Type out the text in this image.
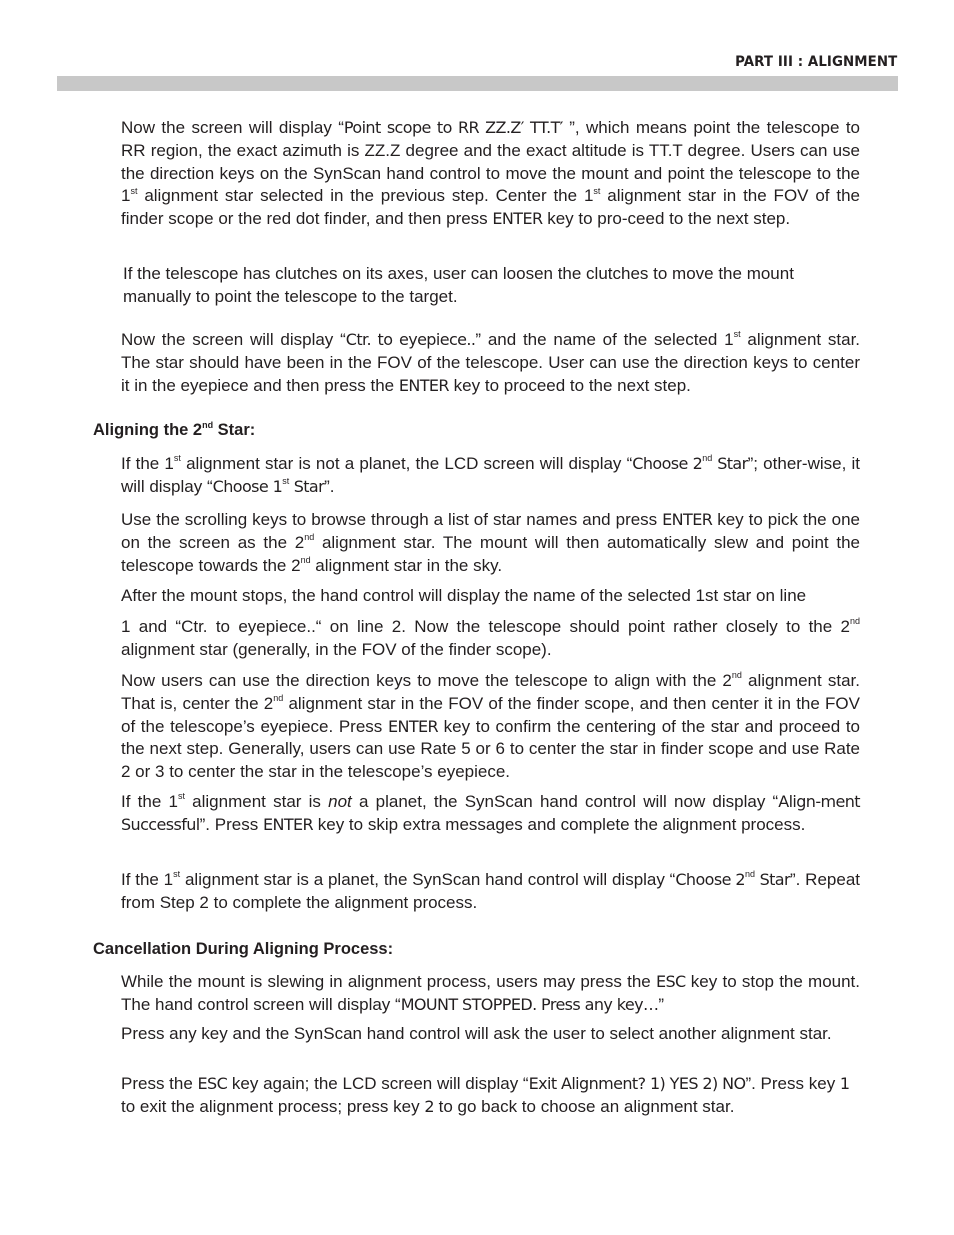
PART III : ALIGNMENT

Now the screen will display “Point scope to RR ZZ.Z′ TT.T′ ”, which means point the telescope to RR region, the exact azimuth is ZZ.Z degree and the exact altitude is TT.T degree. Users can use the direction keys on the SynScan hand control to move the mount and point the telescope to the 1st alignment star selected in the previous step. Center the 1st alignment star in the FOV of the finder scope or the red dot finder, and then press ENTER key to pro-ceed to the next step.

If the telescope has clutches on its axes, user can loosen the clutches to move the mount manually to point the telescope to the target.

Now the screen will display “Ctr. to eyepiece..” and the name of the selected 1st alignment star. The star should have been in the FOV of the telescope. User can use the direction keys to center it in the eyepiece and then press the ENTER key to proceed to the next step.

Aligning the 2nd Star:

If the 1st alignment star is not a planet, the LCD screen will display “Choose 2nd Star”; other-wise, it will display “Choose 1st Star”.

Use the scrolling keys to browse through a list of star names and press ENTER key to pick the one on the screen as the 2nd alignment star. The mount will then automatically slew and point the telescope towards the 2nd alignment star in the sky.

After the mount stops, the hand control will display the name of the selected 1st star on line

1 and “Ctr. to eyepiece..“ on line 2. Now the telescope should point rather closely to the 2nd alignment star (generally, in the FOV of the finder scope).

Now users can use the direction keys to move the telescope to align with the 2nd alignment star. That is, center the 2nd alignment star in the FOV of the finder scope, and then center it in the FOV of the telescope’s eyepiece. Press ENTER key to confirm the centering of the star and proceed to the next step. Generally, users can use Rate 5 or 6 to center the star in finder scope and use Rate 2 or 3 to center the star in the telescope’s eyepiece.

If the 1st alignment star is not a planet, the SynScan hand control will now display “Align-ment Successful”. Press ENTER key to skip extra messages and complete the alignment process.

If the 1st alignment star is a planet, the SynScan hand control will display “Choose 2nd Star”. Repeat from Step 2 to complete the alignment process.

Cancellation During Aligning Process:

While the mount is slewing in alignment process, users may press the ESC key to stop the mount. The hand control screen will display “MOUNT STOPPED. Press any key…”

Press any key and the SynScan hand control will ask the user to select another alignment star.

Press the ESC key again; the LCD screen will display “Exit Alignment? 1) YES 2) NO”. Press key 1 to exit the alignment process; press key 2 to go back to choose an alignment star.
